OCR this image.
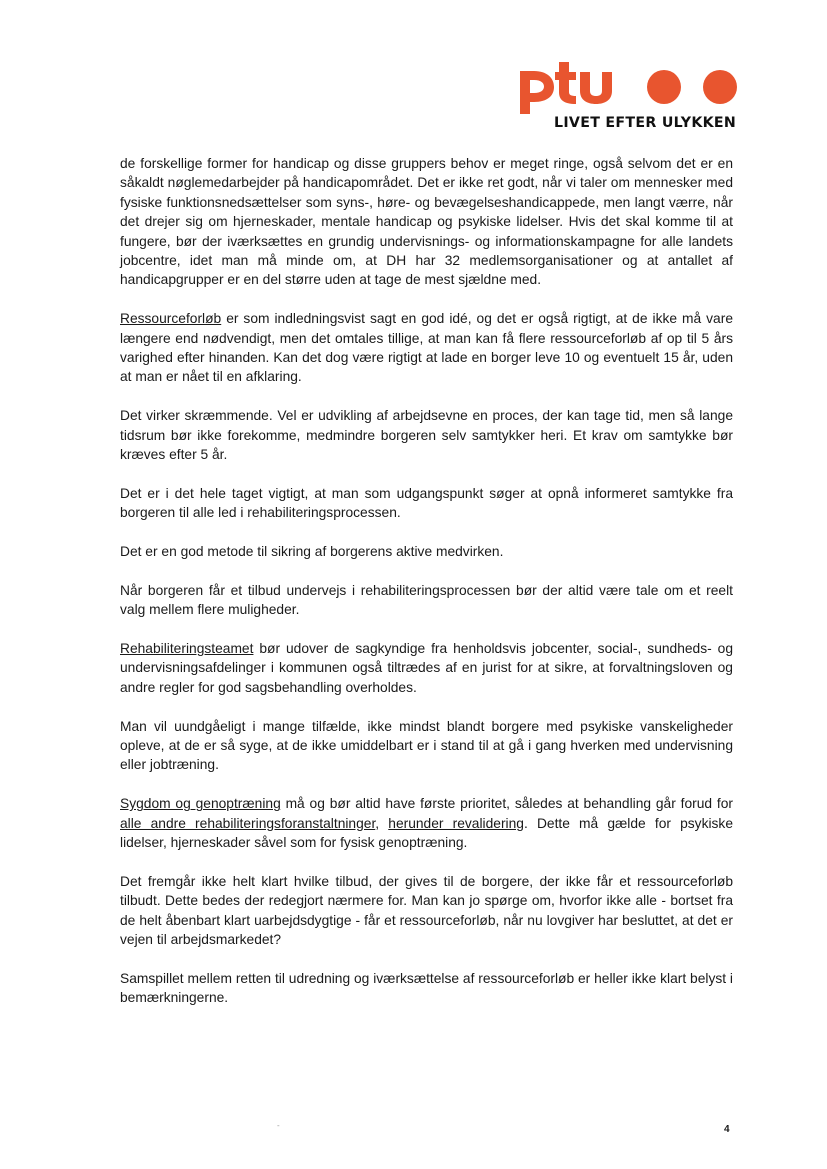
LIVET EFTER ULYKKEN

de forskellige former for handicap og disse gruppers behov er meget ringe, også selvom det er en såkaldt nøglemedarbejder på handicapområdet. Det er ikke ret godt, når vi taler om mennesker med fysiske funktionsnedsættelser som syns-, høre- og bevægelseshandicappede, men langt værre, når det drejer sig om hjerneskader, mentale handicap og psykiske lidelser. Hvis det skal komme til at fungere, bør der iværksættes en grundig undervisnings- og informationskampagne for alle landets jobcentre, idet man må minde om, at DH har 32 medlemsorganisationer og at antallet af handicapgrupper er en del større uden at tage de mest sjældne med.

Ressourceforløb er som indledningsvist sagt en god idé, og det er også rigtigt, at de ikke må vare længere end nødvendigt, men det omtales tillige, at man kan få flere ressourceforløb af op til 5 års varighed efter hinanden. Kan det dog være rigtigt at lade en borger leve 10 og eventuelt 15 år, uden at man er nået til en afklaring.

Det virker skræmmende. Vel er udvikling af arbejdsevne en proces, der kan tage tid, men så lange tidsrum bør ikke forekomme, medmindre borgeren selv samtykker heri. Et krav om samtykke bør kræves efter 5 år.

Det er i det hele taget vigtigt, at man som udgangspunkt søger at opnå informeret samtykke fra borgeren til alle led i rehabiliteringsprocessen.

Det er en god metode til sikring af borgerens aktive medvirken.

Når borgeren får et tilbud undervejs i rehabiliteringsprocessen bør der altid være tale om et reelt valg mellem flere muligheder.

Rehabiliteringsteamet bør udover de sagkyndige fra henholdsvis jobcenter, social-, sundheds- og undervisningsafdelinger i kommunen også tiltrædes af en jurist for at sikre, at forvaltningsloven og andre regler for god sagsbehandling overholdes.

Man vil uundgåeligt i mange tilfælde, ikke mindst blandt borgere med psykiske vanskeligheder opleve, at de er så syge, at de ikke umiddelbart er i stand til at gå i gang hverken med undervisning eller jobtræning.

Sygdom og genoptræning må og bør altid have første prioritet, således at behandling går forud for alle andre rehabiliteringsforanstaltninger, herunder revalidering. Dette må gælde for psykiske lidelser, hjerneskader såvel som for fysisk genoptræning.

Det fremgår ikke helt klart hvilke tilbud, der gives til de borgere, der ikke får et ressourceforløb tilbudt. Dette bedes der redegjort nærmere for. Man kan jo spørge om, hvorfor ikke alle - bortset fra de helt åbenbart klart uarbejdsdygtige - får et ressourceforløb, når nu lovgiver har besluttet, at det er vejen til arbejdsmarkedet?

Samspillet mellem retten til udredning og iværksættelse af ressourceforløb er heller ikke klart belyst i bemærkningerne.

-	4
